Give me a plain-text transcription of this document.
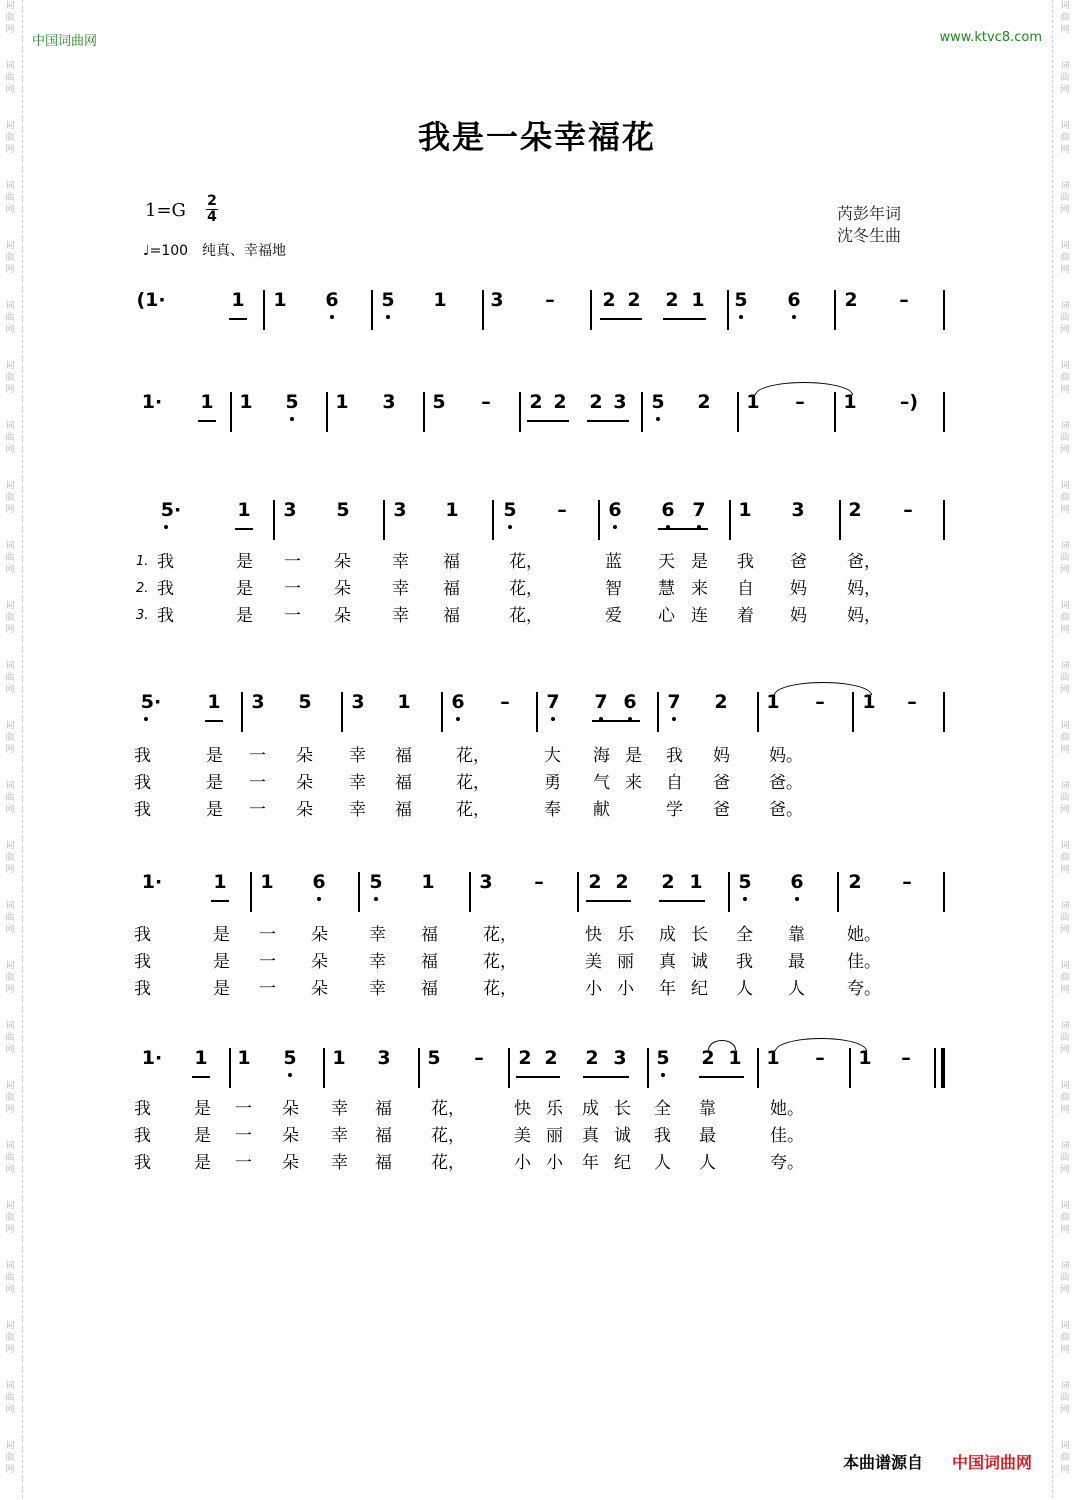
词
曲
网

词
曲
网

词
曲
网

词
曲
网

词
曲
网

词
曲
网

词
曲
网

词
曲
网

词
曲
网

词
曲
网

词
曲
网

词
曲
网

词
曲
网

词
曲
网

词
曲
网

词
曲
网

词
曲
网

词
曲
网

词
曲
网

词
曲
网

词
曲
网

词
曲
网

词
曲
网

词
曲
网

词
曲
网

词
曲
网

词
曲
网

词
曲
网

词
曲
网

词
曲
网

词
曲
网

词
曲
网

词
曲
网

词
曲
网

词
曲
网

词
曲
网

词
曲
网

词
曲
网

词
曲
网

词
曲
网

词
曲
网

词
曲
网

词
曲
网

词
曲
网

词
曲
网

词
曲
网

词
曲
网

词
曲
网

词
曲
网

词
曲
网

中国词曲网	www.ktvc8.com
我是一朵幸福花
1=G 2
4
♩=100　纯真、幸福地
芮彭年词
沈冬生曲
(1·	1 1 6 5 1 3 –	2 2 2 1 5 6 2 –
1· 1 1 5 1 3 5 – 2 2 2 3 5 2 1 – 1	–)
5·	1 3 5 3 1 5 – 6 6 7 1 3 2 –
5· 1 3 5 3 1 6 – 7 7 6 7 2 1 – 1 –
1·	1 1 6 5 1 3 – 2 2 2 1 5 6 2 –
1· 1 1 5 1 3 5 – 2 2 2 3 5 2 1 1 – 1 –
我	是 一 朵 幸 福	花，	蓝 天 是 我 爸 爸，
我	是 一 朵 幸 福	花，	智 慧 来 自 妈 妈，
我	是 一 朵 幸 福	花，	爱 心 连 着 妈 妈，
我	是 一 朵 幸 福	花，	大 海 是 我 妈 妈。
我	是 一 朵 幸 福	花，	勇 气 来 自 爸 爸。
我	是 一 朵 幸 福	花，	奉 献	学 爸 爸。
我	是 一 朵 幸 福	花，	快 乐 成 长 全 靠 她。
我	是 一 朵 幸 福	花，	美 丽 真 诚 我 最 佳。
我	是 一 朵 幸 福	花，	小 小 年 纪 人 人 夸。
我	是 一 朵 幸 福 花，	快 乐 成 长 全 靠	她。
我	是 一 朵 幸 福 花，	美 丽 真 诚 我 最	佳。
我	是 一 朵 幸 福 花，	小 小 年 纪 人 人	夸。
1.
2.
3.
本曲谱源自 中国词曲网
